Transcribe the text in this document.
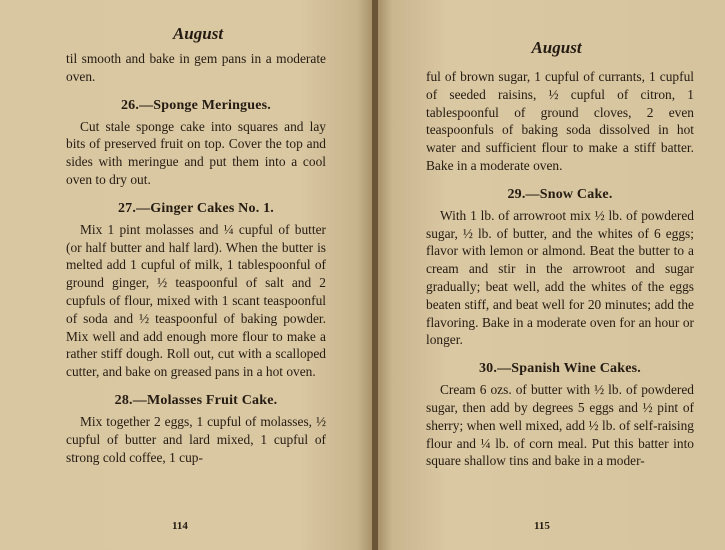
August

til smooth and bake in gem pans in a moderate oven.

26.—Sponge Meringues.

Cut stale sponge cake into squares and lay bits of preserved fruit on top. Cover the top and sides with meringue and put them into a cool oven to dry out.

27.—Ginger Cakes No. 1.

Mix 1 pint molasses and ¼ cupful of butter (or half butter and half lard). When the butter is melted add 1 cupful of milk, 1 tablespoonful of ground ginger, ½ teaspoonful of salt and 2 cupfuls of flour, mixed with 1 scant teaspoonful of soda and ½ teaspoonful of baking powder. Mix well and add enough more flour to make a rather stiff dough. Roll out, cut with a scalloped cutter, and bake on greased pans in a hot oven.

28.—Molasses Fruit Cake.

Mix together 2 eggs, 1 cupful of molasses, ½ cupful of butter and lard mixed, 1 cupful of strong cold coffee, 1 cup-

114
August

ful of brown sugar, 1 cupful of currants, 1 cupful of seeded raisins, ½ cupful of citron, 1 tablespoonful of ground cloves, 2 even teaspoonfuls of baking soda dissolved in hot water and sufficient flour to make a stiff batter. Bake in a moderate oven.

29.—Snow Cake.

With 1 lb. of arrowroot mix ½ lb. of powdered sugar, ½ lb. of butter, and the whites of 6 eggs; flavor with lemon or almond. Beat the butter to a cream and stir in the arrowroot and sugar gradually; beat well, add the whites of the eggs beaten stiff, and beat well for 20 minutes; add the flavoring. Bake in a moderate oven for an hour or longer.

30.—Spanish Wine Cakes.

Cream 6 ozs. of butter with ½ lb. of powdered sugar, then add by degrees 5 eggs and ½ pint of sherry; when well mixed, add ½ lb. of self-raising flour and ¼ lb. of corn meal. Put this batter into square shallow tins and bake in a moder-

115
